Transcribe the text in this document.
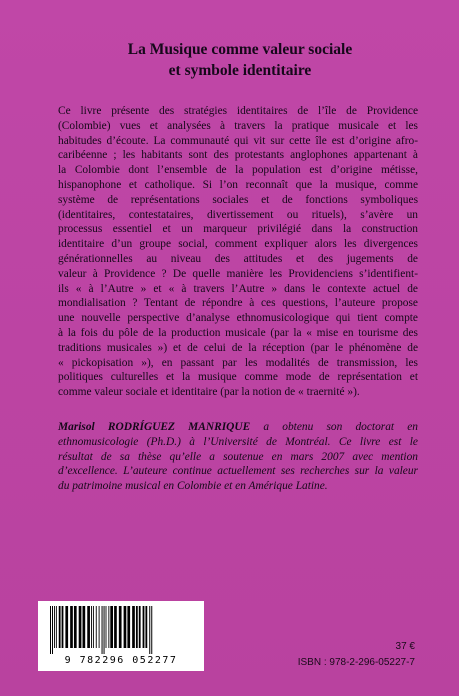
La Musique comme valeur sociale
et symbole identitaire
Ce livre présente des stratégies identitaires de l’île de Providence
(Colombie) vues et analysées à travers la pratique musicale et les
habitudes d’écoute. La communauté qui vit sur cette île est d’origine afro-
caribéenne ; les habitants sont des protestants anglophones appartenant à
la Colombie dont l’ensemble de la population est d’origine métisse,
hispanophone et catholique. Si l’on reconnaît que la musique, comme
système de représentations sociales et de fonctions symboliques
(identitaires, contestataires, divertissement ou rituels), s’avère un
processus essentiel et un marqueur privilégié dans la construction
identitaire d’un groupe social, comment expliquer alors les divergences
générationnelles au niveau des attitudes et des jugements de
valeur à Providence ? De quelle manière les Providenciens s’identifient-
ils « à l’Autre » et « à travers l’Autre » dans le contexte actuel de
mondialisation ? Tentant de répondre à ces questions, l’auteure propose
une nouvelle perspective d’analyse ethnomusicologique qui tient compte
à la fois du pôle de la production musicale (par la « mise en tourisme des
traditions musicales ») et de celui de la réception (par le phénomène de
« pickopisation »), en passant par les modalités de transmission, les
politiques culturelles et la musique comme mode de représentation et
comme valeur sociale et identitaire (par la notion de « traernité »).
Marisol RODRÍGUEZ MANRIQUE a obtenu son doctorat en
ethnomusicologie (Ph.D.) à l’Université de Montréal. Ce livre est le
résultat de sa thèse qu’elle a soutenue en mars 2007 avec mention
d’excellence. L’auteure continue actuellement ses recherches sur la valeur
du patrimoine musical en Colombie et en Amérique Latine.
9 782296 052277
37 €
ISBN : 978-2-296-05227-7
